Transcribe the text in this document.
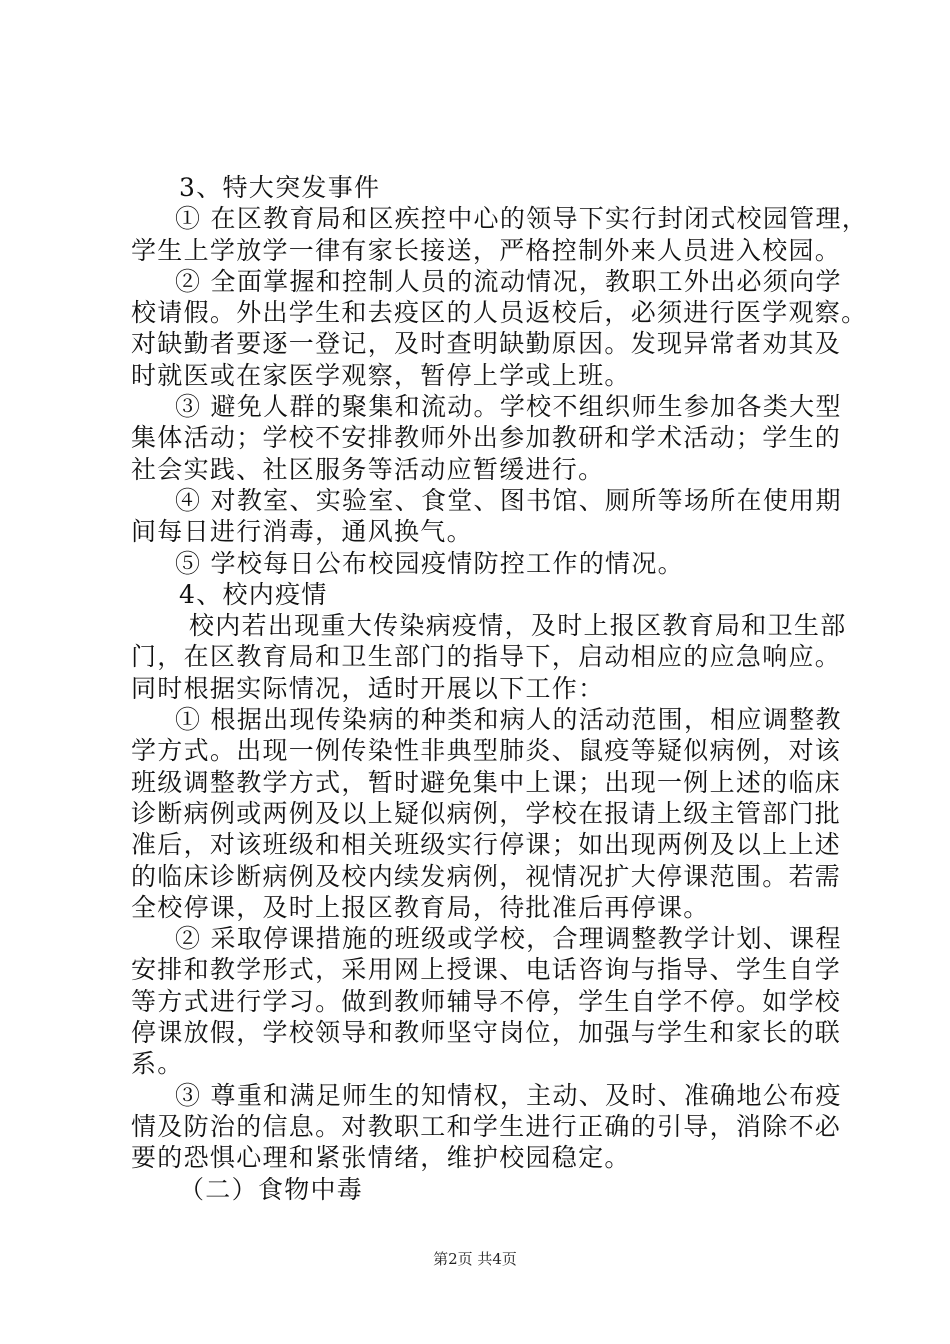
3、特大突发事件
① 在区教育局和区疾控中心的领导下实行封闭式校园管理，
学生上学放学一律有家长接送，严格控制外来人员进入校园。
② 全面掌握和控制人员的流动情况，教职工外出必须向学
校请假。外出学生和去疫区的人员返校后，必须进行医学观察。
对缺勤者要逐一登记，及时查明缺勤原因。发现异常者劝其及
时就医或在家医学观察，暂停上学或上班。
③ 避免人群的聚集和流动。学校不组织师生参加各类大型
集体活动；学校不安排教师外出参加教研和学术活动；学生的
社会实践、社区服务等活动应暂缓进行。
④ 对教室、实验室、食堂、图书馆、厕所等场所在使用期
间每日进行消毒，通风换气。
⑤ 学校每日公布校园疫情防控工作的情况。
4、校内疫情
校内若出现重大传染病疫情，及时上报区教育局和卫生部
门，在区教育局和卫生部门的指导下，启动相应的应急响应。
同时根据实际情况，适时开展以下工作：
① 根据出现传染病的种类和病人的活动范围，相应调整教
学方式。出现一例传染性非典型肺炎、鼠疫等疑似病例，对该
班级调整教学方式，暂时避免集中上课；出现一例上述的临床
诊断病例或两例及以上疑似病例，学校在报请上级主管部门批
准后，对该班级和相关班级实行停课；如出现两例及以上上述
的临床诊断病例及校内续发病例，视情况扩大停课范围。若需
全校停课，及时上报区教育局，待批准后再停课。
② 采取停课措施的班级或学校，合理调整教学计划、课程
安排和教学形式，采用网上授课、电话咨询与指导、学生自学
等方式进行学习。做到教师辅导不停，学生自学不停。如学校
停课放假，学校领导和教师坚守岗位，加强与学生和家长的联
系。
③ 尊重和满足师生的知情权，主动、及时、准确地公布疫
情及防治的信息。对教职工和学生进行正确的引导，消除不必
要的恐惧心理和紧张情绪，维护校园稳定。
（二）食物中毒
第2页 共4页
